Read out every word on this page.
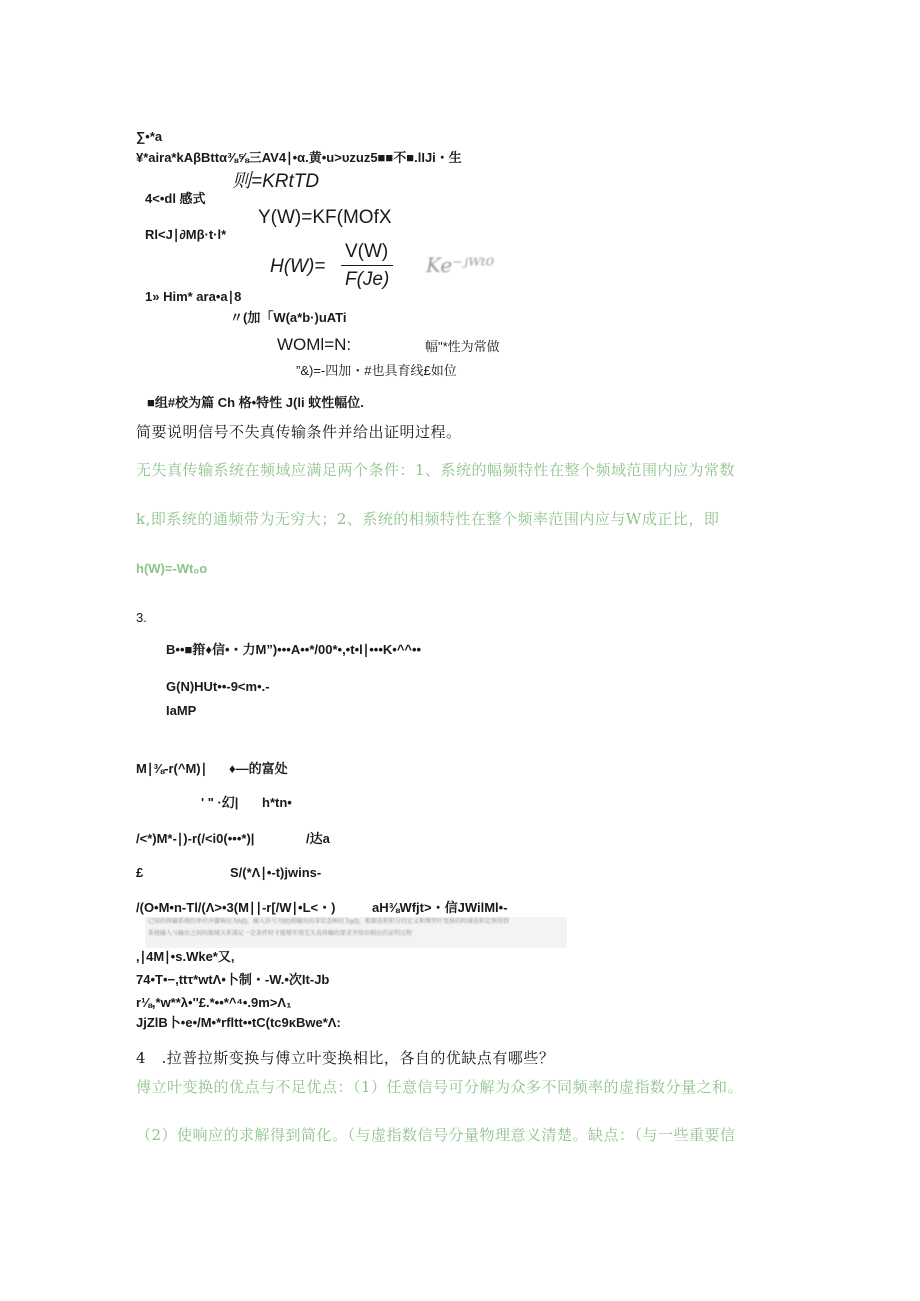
∑•*a
¥*aira*kAβBttα⅜⅝三AV4∣•α.黄•u>υzuz5■■不■.lIJi・生
则=KRtTD
4<•dl 感式
Y(W)=KF(MOfX
Rl<J∣∂Mβ·t·l*
H(W)=
V(W)
F(Je)
Ke⁻ʲᵂᵗ⁰
1» Him* ara•a∣8
〃(加「W(a*b·)uATi
WOMl=N:	幅"*性为常做
”&)=-四加・#也具育线£如位
■组#校为篇 Ch 格•特性 J(li 蚊性幅位.
简要说明信号不失真传输条件并给出证明过程。
无失真传输系统在频域应满足两个条件：1、系统的幅频特性在整个频域范围内应为常数
k,即系统的通频带为无穷大；2、系统的相频特性在整个频率范围内应与W成正比，即
h(W)=-Wt₀o
3.
B••■箝♦信•・力M”)•••A••*/00*•,•t•l∣•••K•^^••
G(N)HUt••-9<m•.-
IaMP
M∣⅜-r(^M)∣ ♦—的富处
' " ·幻| h*tn•
/<*)M*-∣)-r(/<i0(•••*)|	/达a
£	S/(*Λ∣•-t)jwins-
/(O•M•n-Tl/(Λ>•3(M∣∣-r[/W∣•L<・)	aH⅜Wfjt>・信JWilMl•-
已知的传输系统的单位冲激响应为h(t)，输入信号为f(t)则输出的零状态响应为y(t)，根据卷积积分的定义和傅里叶变换的时域卷积定理得到
系统输入与输出之间的频域关系满足一定条件时才能够实现无失真传输的要求并给出相应的证明过程
,∣4M∣•s.Wke*又,
74•T•−,ttτ*wtΛ•卜制・-W.•次It-Jb
r⅛,*w**λ•''£.*••*^⁴•.9m>Λ₁
JjZlB卜•e•/M•*rfltt••tC(tc9κBwe*Λ:
4　.拉普拉斯变换与傅立叶变换相比，各自的优缺点有哪些？
傅立叶变换的优点与不足优点：（1）任意信号可分解为众多不同频率的虚指数分量之和。
（2）使响应的求解得到简化。（与虚指数信号分量物理意义清楚。缺点：（与一些重要信
